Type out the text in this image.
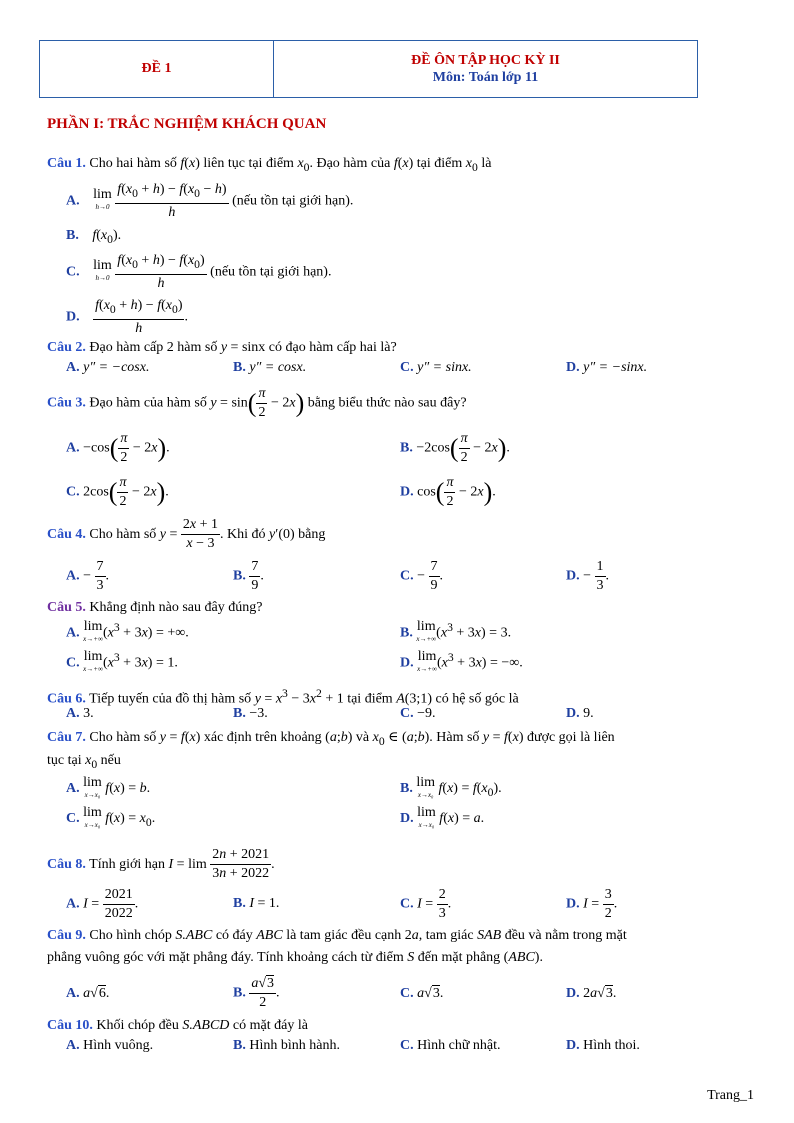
ĐỀ 1
ĐỀ ÔN TẬP HỌC KỲ II
Môn: Toán lớp 11
PHẦN I: TRẮC NGHIỆM KHÁCH QUAN
Câu 1. Cho hai hàm số f(x) liên tục tại điểm $x_0$. Đạo hàm của f(x) tại điểm $x_0$ là
A. lim
h→0
$\frac{f(x_0 + h) - f(x_0 - h)}{h}$ (nếu tồn tại giới hạn).
B. $f(x_0)$.
C. lim
h→0
$\frac{f(x_0 + h) - f(x_0)}{h}$ (nếu tồn tại giới hạn).
D. $\frac{f(x_0 + h) - f(x_0)}{h}$ .
Câu 2. Đạo hàm cấp 2 hàm số y = sinx có đạo hàm cấp hai là?
A. y″ = −cosx.	B. y″ = cosx.	C. y″ = sinx.	D. y″ = −sinx.
Câu 3. Đạo hàm của hàm số $y = \sin( \frac{\pi}{2} - 2x)$ bằng biểu thức nào sau đây?
A. $-\cos( \frac{\pi}{2} - 2x)$.	B. $-2\cos( \frac{\pi}{2} - 2x)$.
C. $2\cos( \frac{\pi}{2} - 2x)$.	D. $\cos( \frac{\pi}{2} - 2x)$.
Câu 4. Cho hàm số $y = \frac{2x + 1}{x - 3}$ . Khi đó y′(0) bằng
A. − $\frac{7}{3}$ .	B. $\frac{7}{9}$ .	C. − $\frac{7}{9}$ .	D. − $\frac{1}{3}$ .
Câu 5. Khẳng định nào sau đây đúng?
A. lim
x→+∞ $(x^3 + 3x)$ = +∞.	B. lim
x→+∞ $(x^3 + 3x) = 3$.
C. lim
x→+∞ $(x^3 + 3x) = 1$.	D. lim
x→+∞ $(x^3 + 3x)$ = −∞.
Câu 6. Tiếp tuyến của đồ thị hàm số $y = x^3 - 3x^2 + 1$ tại điểm A(3;1) có hệ số góc là
A. 3.	B. −3.	C. −9.	D. 9.
Câu 7. Cho hàm số y = f(x) xác định trên khoảng (a;b) và $x_0$ ∈ (a;b). Hàm số y = f(x) được gọi là liên
tục tại $x_0$ nếu
A. lim
x→x₀ f(x) = b.	B. lim
x→x₀ $f(x) = f(x_0)$.
C. lim
x→x₀ $f(x) = x_0$.	D. lim
x→x₀ f(x) = a.
Câu 8. Tính giới hạn $I = \lim \frac{2n + 2021}{3n + 2022}$ .
A. $I = \frac{2021}{2022}$ .	B. I = 1.	C. $I = \frac{2}{3}$ .	D. $I = \frac{3}{2}$ .
Câu 9. Cho hình chóp S.ABC có đáy ABC là tam giác đều cạnh 2a, tam giác SAB đều và nằm trong mặt
phẳng vuông góc với mặt phẳng đáy. Tính khoảng cách từ điểm S đến mặt phẳng (ABC).
A. a√6.	B. $\frac{a√3}{2}$ .	C. a√3.	D. 2a√3.
Câu 10. Khối chóp đều S.ABCD có mặt đáy là
A. Hình vuông.	B. Hình bình hành.	C. Hình chữ nhật.	D. Hình thoi.
Trang_1
